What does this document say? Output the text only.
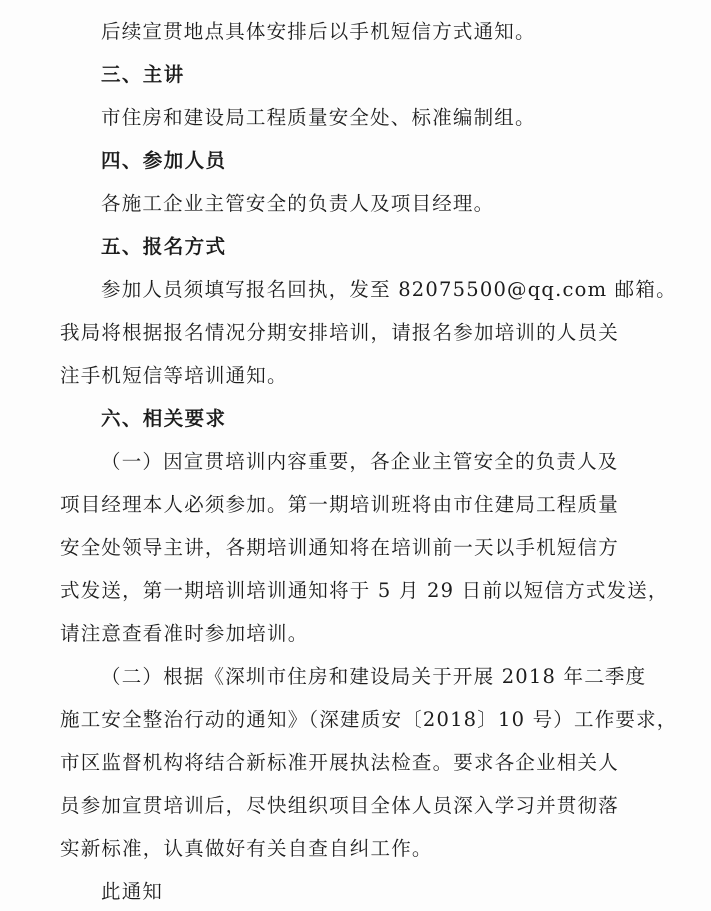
后续宣贯地点具体安排后以手机短信方式通知。
三、主讲
市住房和建设局工程质量安全处、标准编制组。
四、参加人员
各施工企业主管安全的负责人及项目经理。
五、报名方式
参加人员须填写报名回执，发至 82075500@qq.com 邮箱。
我局将根据报名情况分期安排培训，请报名参加培训的人员关
注手机短信等培训通知。
六、相关要求
（一）因宣贯培训内容重要，各企业主管安全的负责人及
项目经理本人必须参加。第一期培训班将由市住建局工程质量
安全处领导主讲，各期培训通知将在培训前一天以手机短信方
式发送，第一期培训培训通知将于 5 月 29 日前以短信方式发送，
请注意查看准时参加培训。
（二）根据《深圳市住房和建设局关于开展 2018 年二季度
施工安全整治行动的通知》（深建质安〔2018〕10 号）工作要求，
市区监督机构将结合新标准开展执法检查。要求各企业相关人
员参加宣贯培训后，尽快组织项目全体人员深入学习并贯彻落
实新标准，认真做好有关自查自纠工作。
此通知
